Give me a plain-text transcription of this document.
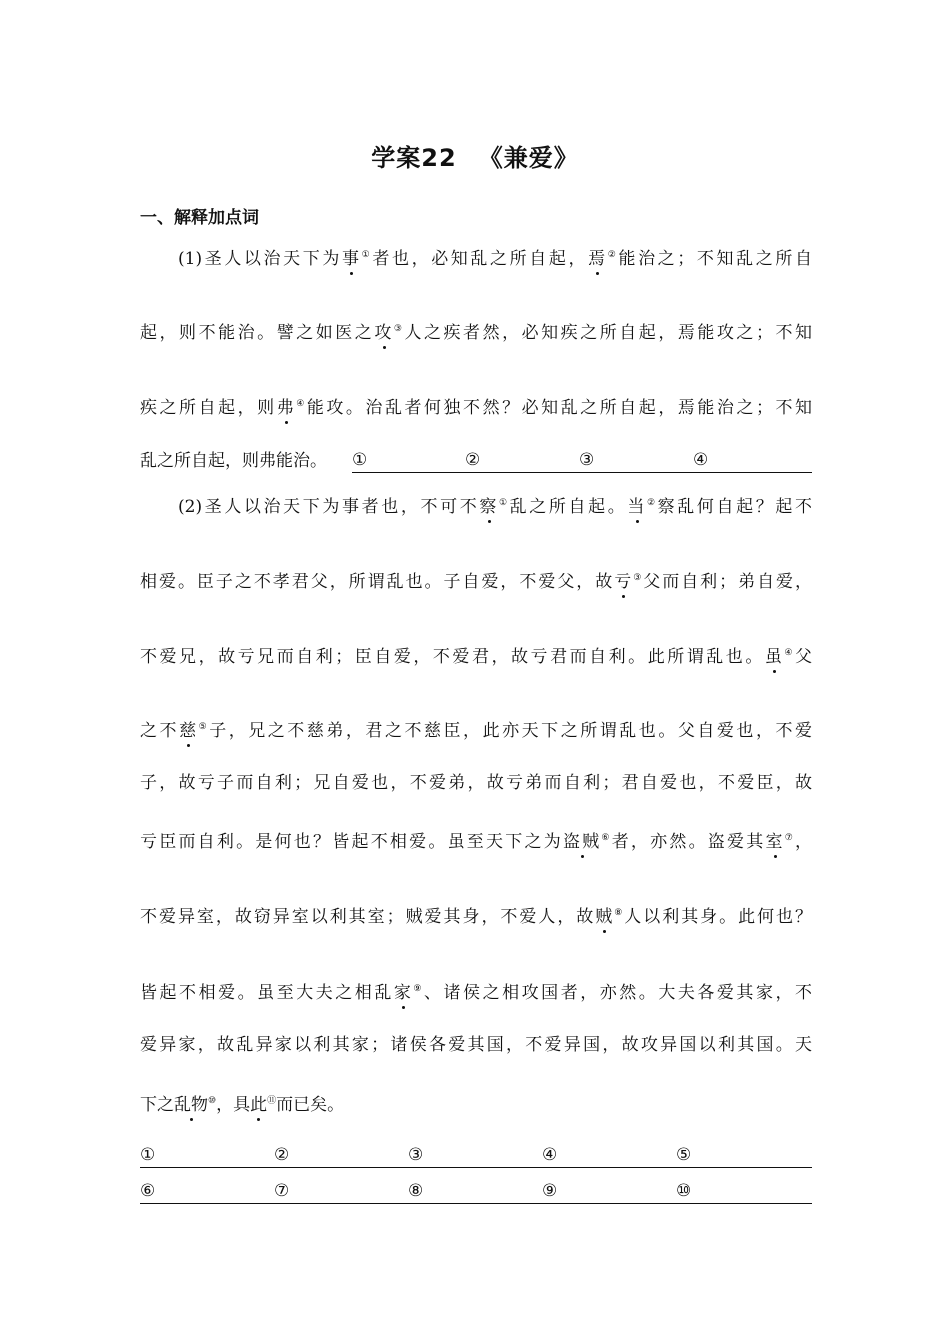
学案22 《兼爱》
一、解释加点词
(1)圣人以治天下为事①者也，必知乱之所自起，焉②能治之；不知乱之所自
起，则不能治。譬之如医之攻③人之疾者然，必知疾之所自起，焉能攻之；不知
疾之所自起，则弗④能攻。治乱者何独不然？必知乱之所自起，焉能治之；不知
乱之所自起，则弗能治。	①	②	③	④
(2)圣人以治天下为事者也，不可不察①乱之所自起。当②察乱何自起？起不
相爱。臣子之不孝君父，所谓乱也。子自爱，不爱父，故亏③父而自利；弟自爱，
不爱兄，故亏兄而自利；臣自爱，不爱君，故亏君而自利。此所谓乱也。虽④父
之不慈⑤子，兄之不慈弟，君之不慈臣，此亦天下之所谓乱也。父自爱也，不爱
子，故亏子而自利；兄自爱也，不爱弟，故亏弟而自利；君自爱也，不爱臣，故
亏臣而自利。是何也？皆起不相爱。虽至天下之为盗贼⑥者，亦然。盗爱其室⑦，
不爱异室，故窃异室以利其室；贼爱其身，不爱人，故贼⑧人以利其身。此何也？
皆起不相爱。虽至大夫之相乱家⑨、诸侯之相攻国者，亦然。大夫各爱其家，不
爱异家，故乱异家以利其家；诸侯各爱其国，不爱异国，故攻异国以利其国。天
下之乱物⑩，具此⑪而已矣。
①	②	③	④	⑤
⑥	⑦	⑧	⑨	⑩
